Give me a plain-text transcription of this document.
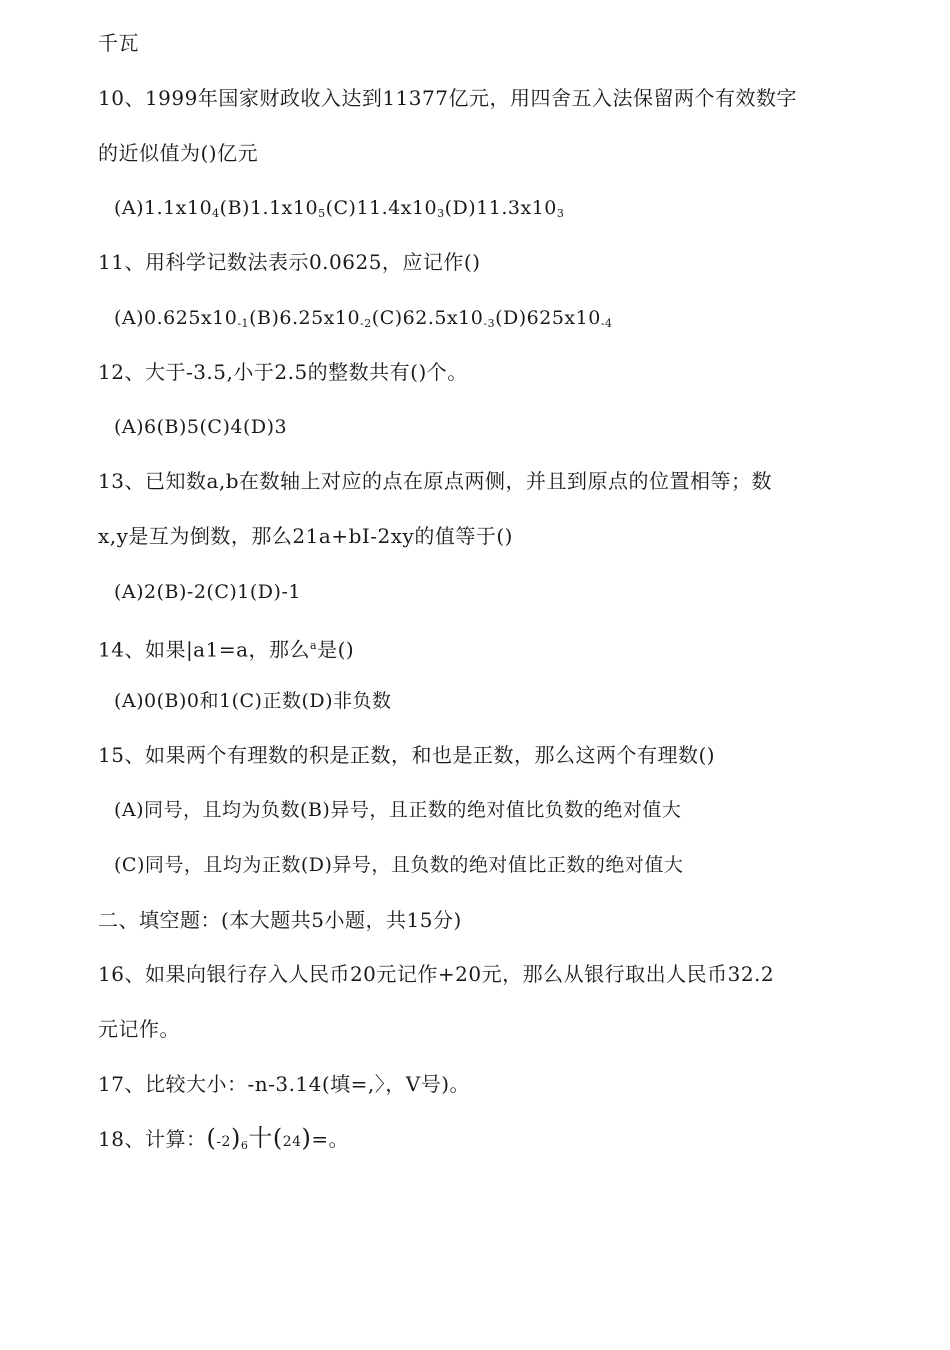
千瓦
10、1999年国家财政收入达到11377亿元，用四舍五入法保留两个有效数字
的近似值为()亿元
$(A)1.1x10_4(B)1.1x10_5(C)11.4x10_3(D)11.3x10_3$
11、用科学记数法表示0.0625，应记作()
$(A)0.625x10_{-1}(B)6.25x10_{-2}(C)62.5x10_{-3}(D)625x10_{-4}$
12、大于-3.5,小于2.5的整数共有()个。
(A)6(B)5(C)4(D)3
13、已知数a,b在数轴上对应的点在原点两侧，并且到原点的位置相等；数
x,y是互为倒数，那么21a+bI-2xy的值等于()
(A)2(B)-2(C)1(D)-1
14、如果|a1=a，那么$^a$是()
(A)0(B)0和1(C)正数(D)非负数
15、如果两个有理数的积是正数，和也是正数，那么这两个有理数()
(A)同号，且均为负数(B)异号，且正数的绝对值比负数的绝对值大
(C)同号，且均为正数(D)异号，且负数的绝对值比正数的绝对值大
二、填空题：(本大题共5小题，共15分)
16、如果向银行存入人民币20元记作+20元，那么从银行取出人民币32.2
元记作。
17、比较大小：-n-3.14(填=,〉，V号)。
18、计算：$(-2)_6$十(24)=。
